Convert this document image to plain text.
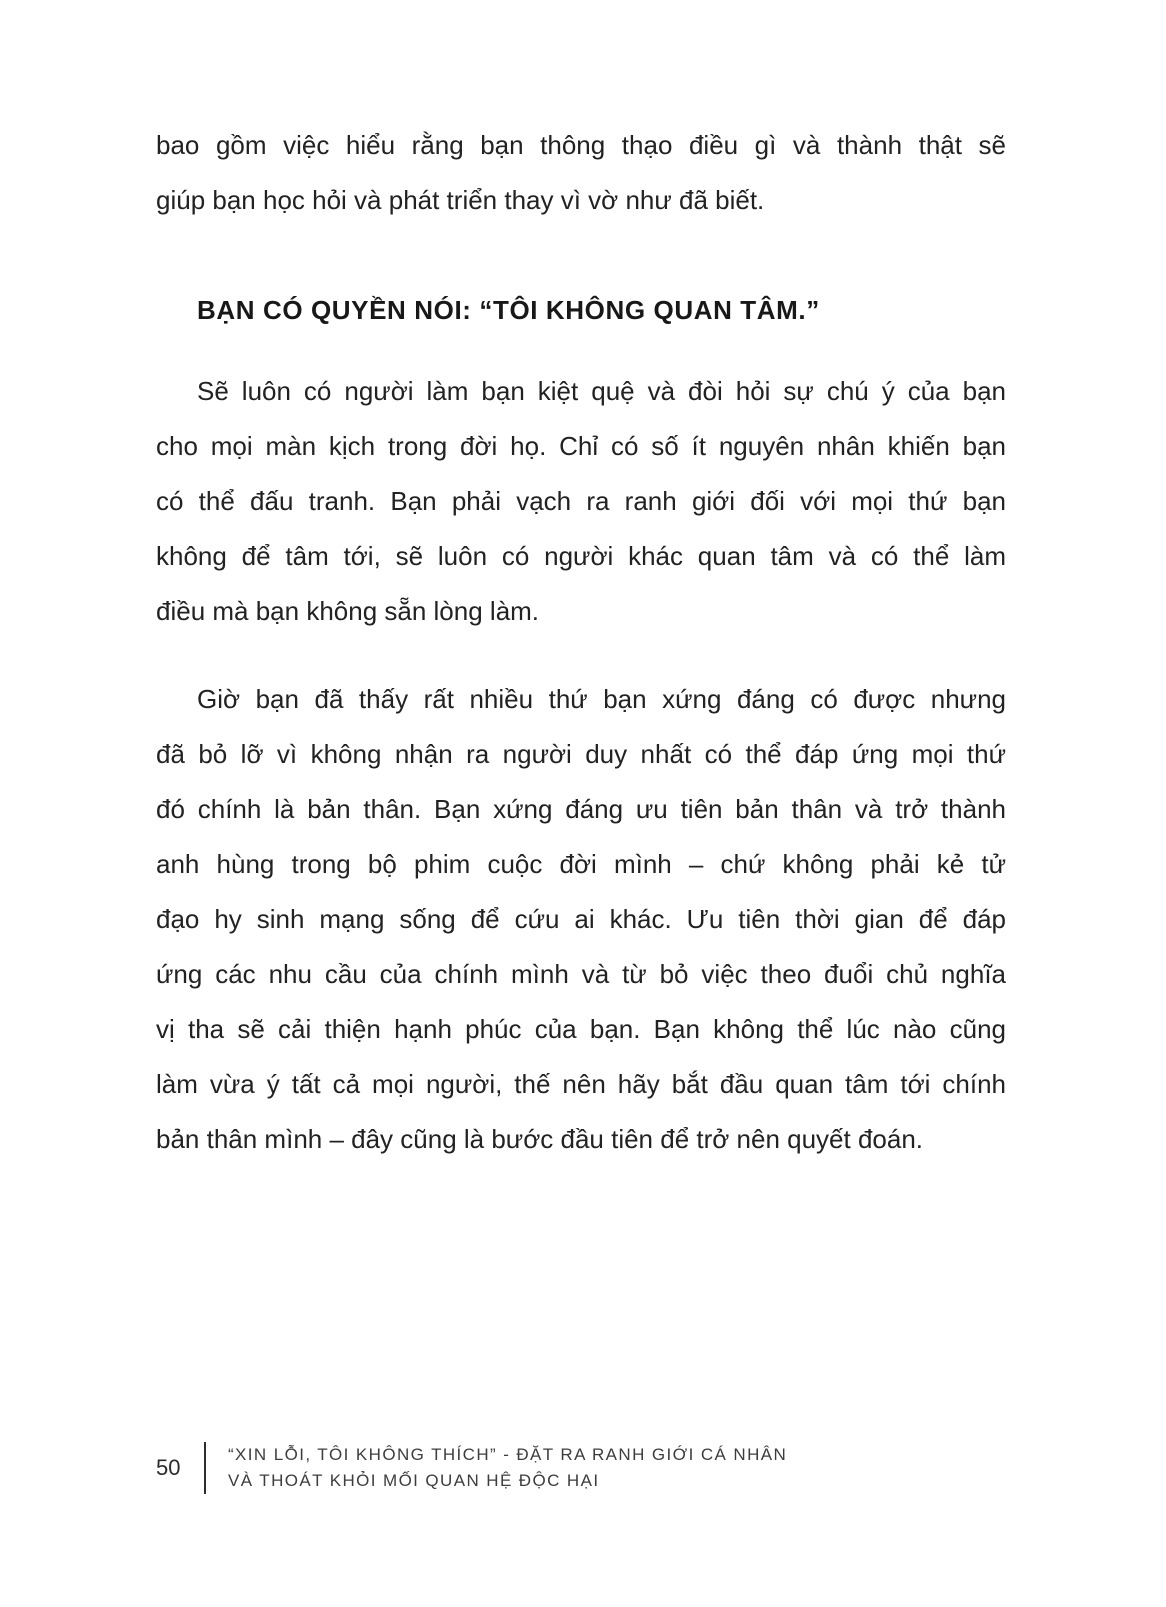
bao gồm việc hiểu rằng bạn thông thạo điều gì và thành thật sẽ
giúp bạn học hỏi và phát triển thay vì vờ như đã biết.
BẠN CÓ QUYỀN NÓI: “TÔI KHÔNG QUAN TÂM.”
Sẽ luôn có người làm bạn kiệt quệ và đòi hỏi sự chú ý của bạn
cho mọi màn kịch trong đời họ. Chỉ có số ít nguyên nhân khiến bạn
có thể đấu tranh. Bạn phải vạch ra ranh giới đối với mọi thứ bạn
không để tâm tới, sẽ luôn có người khác quan tâm và có thể làm
điều mà bạn không sẵn lòng làm.
Giờ bạn đã thấy rất nhiều thứ bạn xứng đáng có được nhưng
đã bỏ lỡ vì không nhận ra người duy nhất có thể đáp ứng mọi thứ
đó chính là bản thân. Bạn xứng đáng ưu tiên bản thân và trở thành
anh hùng trong bộ phim cuộc đời mình – chứ không phải kẻ tử
đạo hy sinh mạng sống để cứu ai khác. Ưu tiên thời gian để đáp
ứng các nhu cầu của chính mình và từ bỏ việc theo đuổi chủ nghĩa
vị tha sẽ cải thiện hạnh phúc của bạn. Bạn không thể lúc nào cũng
làm vừa ý tất cả mọi người, thế nên hãy bắt đầu quan tâm tới chính
bản thân mình – đây cũng là bước đầu tiên để trở nên quyết đoán.
50
“XIN LỖI, TÔI KHÔNG THÍCH” - ĐẶT RA RANH GIỚI CÁ NHÂN
VÀ THOÁT KHỎI MỐI QUAN HỆ ĐỘC HẠI
